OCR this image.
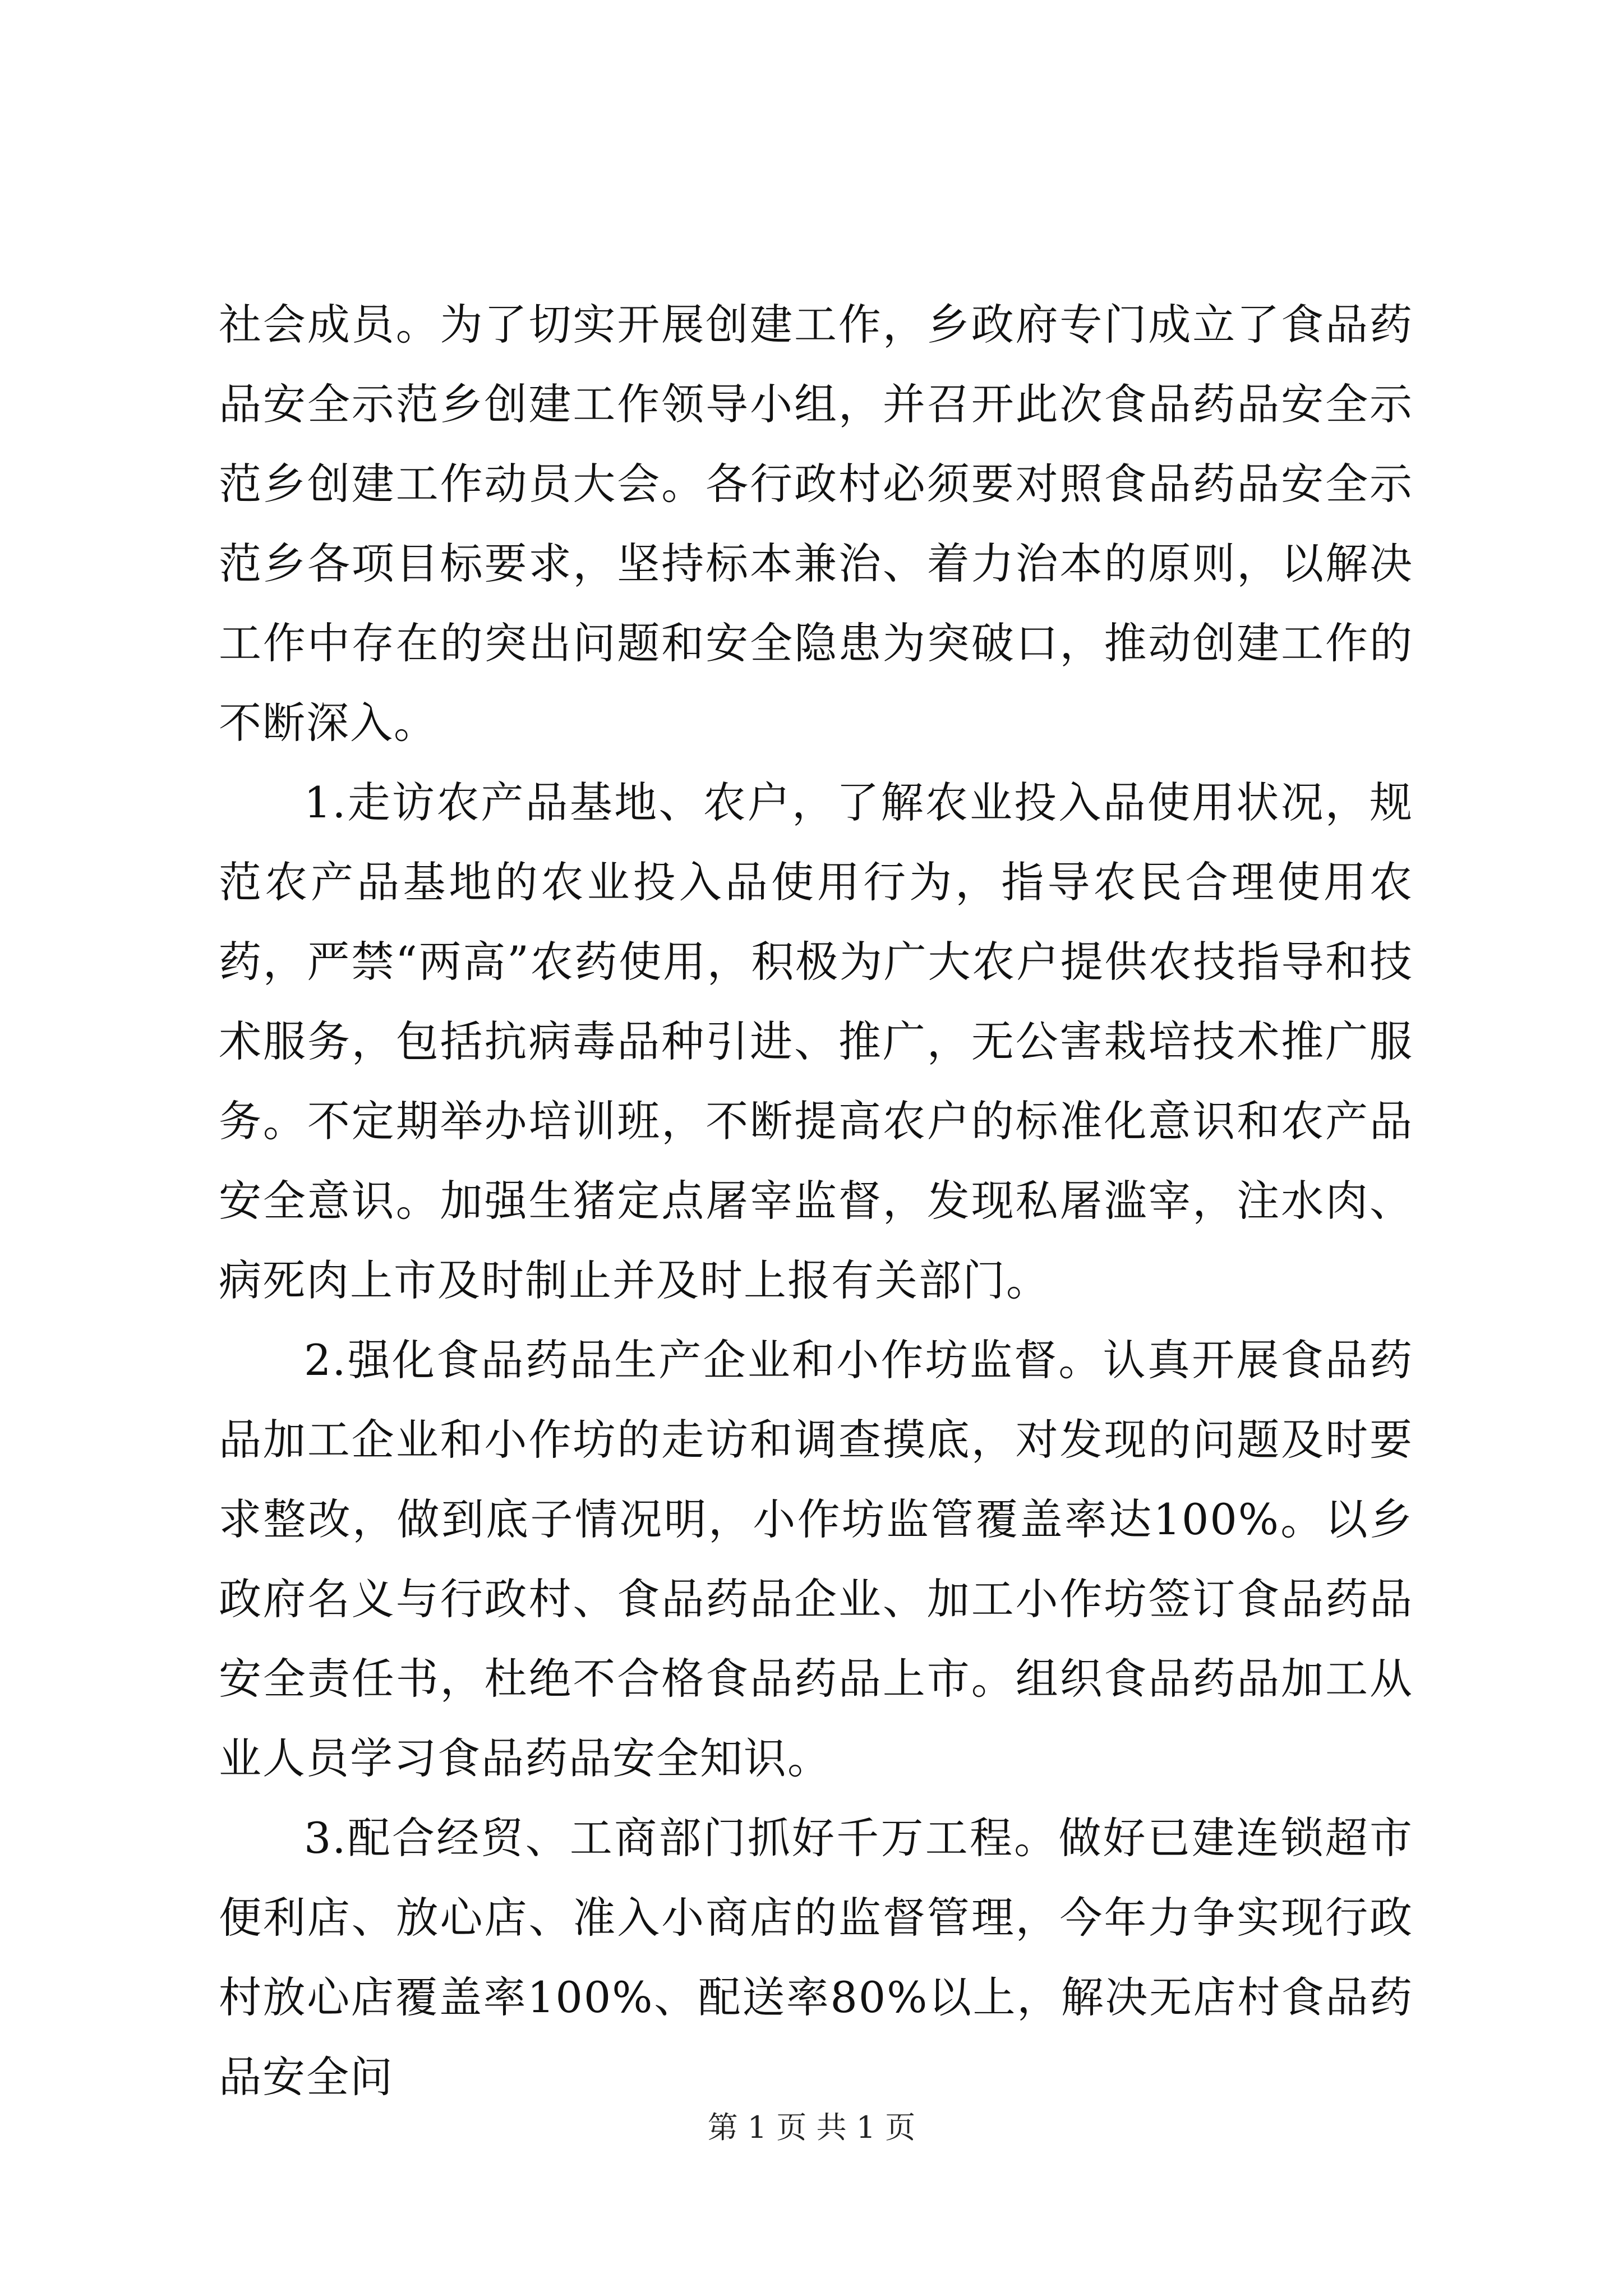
社会成员。为了切实开展创建工作，乡政府专门成立了食品药品安全示范乡创建工作领导小组，并召开此次食品药品安全示范乡创建工作动员大会。各行政村必须要对照食品药品安全示范乡各项目标要求，坚持标本兼治、着力治本的原则，以解决工作中存在的突出问题和安全隐患为突破口，推动创建工作的不断深入。

1.走访农产品基地、农户，了解农业投入品使用状况，规范农产品基地的农业投入品使用行为，指导农民合理使用农药，严禁“两高”农药使用，积极为广大农户提供农技指导和技术服务，包括抗病毒品种引进、推广，无公害栽培技术推广服务。不定期举办培训班，不断提高农户的标准化意识和农产品安全意识。加强生猪定点屠宰监督，发现私屠滥宰，注水肉、病死肉上市及时制止并及时上报有关部门。

2.强化食品药品生产企业和小作坊监督。认真开展食品药品加工企业和小作坊的走访和调查摸底，对发现的问题及时要求整改，做到底子情况明，小作坊监管覆盖率达100%。以乡政府名义与行政村、食品药品企业、加工小作坊签订食品药品安全责任书，杜绝不合格食品药品上市。组织食品药品加工从业人员学习食品药品安全知识。

3.配合经贸、工商部门抓好千万工程。做好已建连锁超市便利店、放心店、准入小商店的监督管理，今年力争实现行政村放心店覆盖率100%、配送率80%以上，解决无店村食品药品安全问

第 1 页 共 1 页
